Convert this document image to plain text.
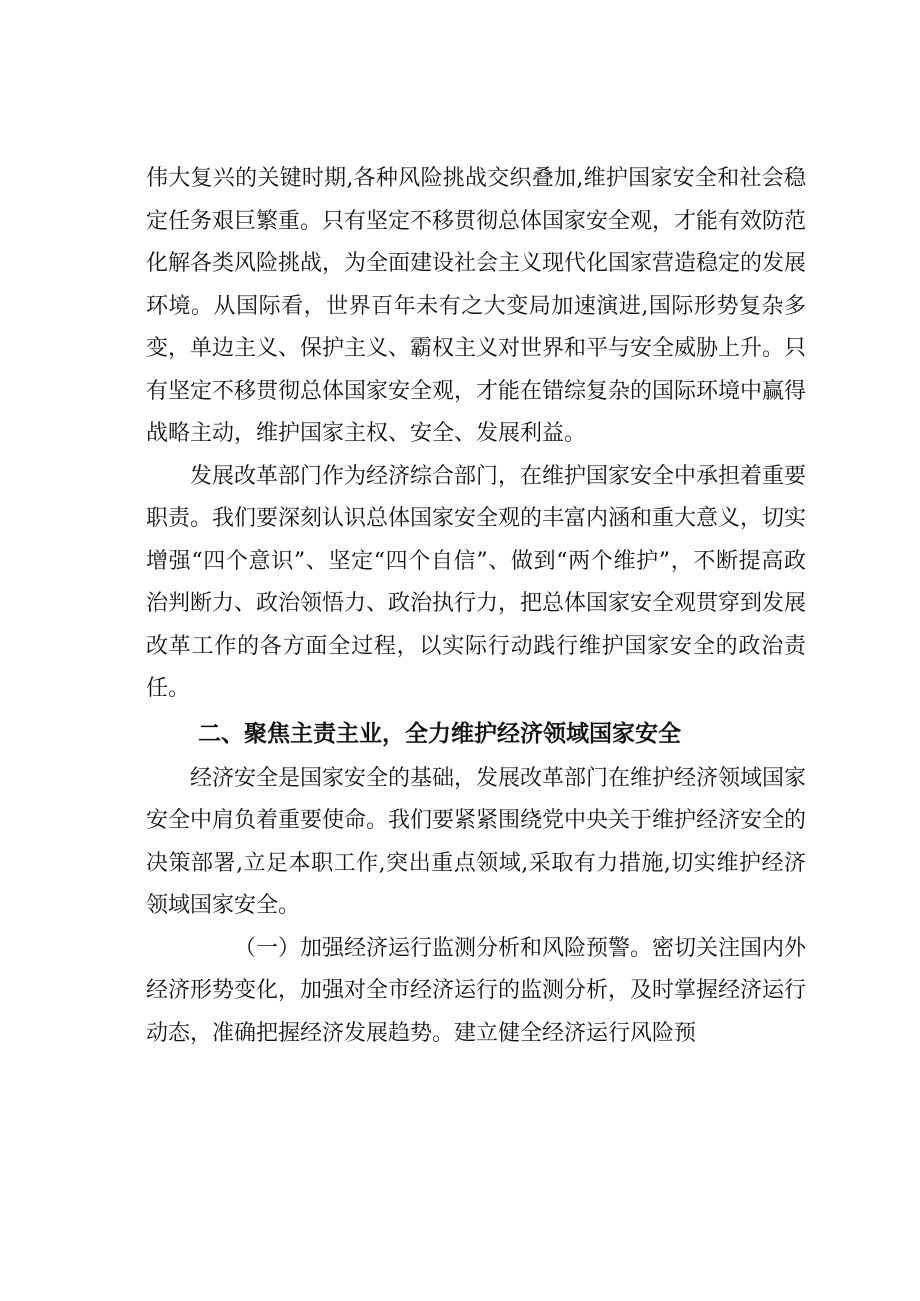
伟大复兴的关键时期,各种风险挑战交织叠加,维护国家安全和社会稳定任务艰巨繁重。只有坚定不移贯彻总体国家安全观，才能有效防范化解各类风险挑战，为全面建设社会主义现代化国家营造稳定的发展环境。从国际看，世界百年未有之大变局加速演进,国际形势复杂多变，单边主义、保护主义、霸权主义对世界和平与安全威胁上升。只有坚定不移贯彻总体国家安全观，才能在错综复杂的国际环境中赢得战略主动，维护国家主权、安全、发展利益。

发展改革部门作为经济综合部门，在维护国家安全中承担着重要职责。我们要深刻认识总体国家安全观的丰富内涵和重大意义，切实增强“四个意识”、坚定“四个自信”、做到“两个维护”，不断提高政治判断力、政治领悟力、政治执行力，把总体国家安全观贯穿到发展改革工作的各方面全过程，以实际行动践行维护国家安全的政治责任。

二、聚焦主责主业，全力维护经济领域国家安全

经济安全是国家安全的基础，发展改革部门在维护经济领域国家安全中肩负着重要使命。我们要紧紧围绕党中央关于维护经济安全的决策部署,立足本职工作,突出重点领域,采取有力措施,切实维护经济领域国家安全。

（一）加强经济运行监测分析和风险预警。密切关注国内外经济形势变化，加强对全市经济运行的监测分析，及时掌握经济运行动态，准确把握经济发展趋势。建立健全经济运行风险预
